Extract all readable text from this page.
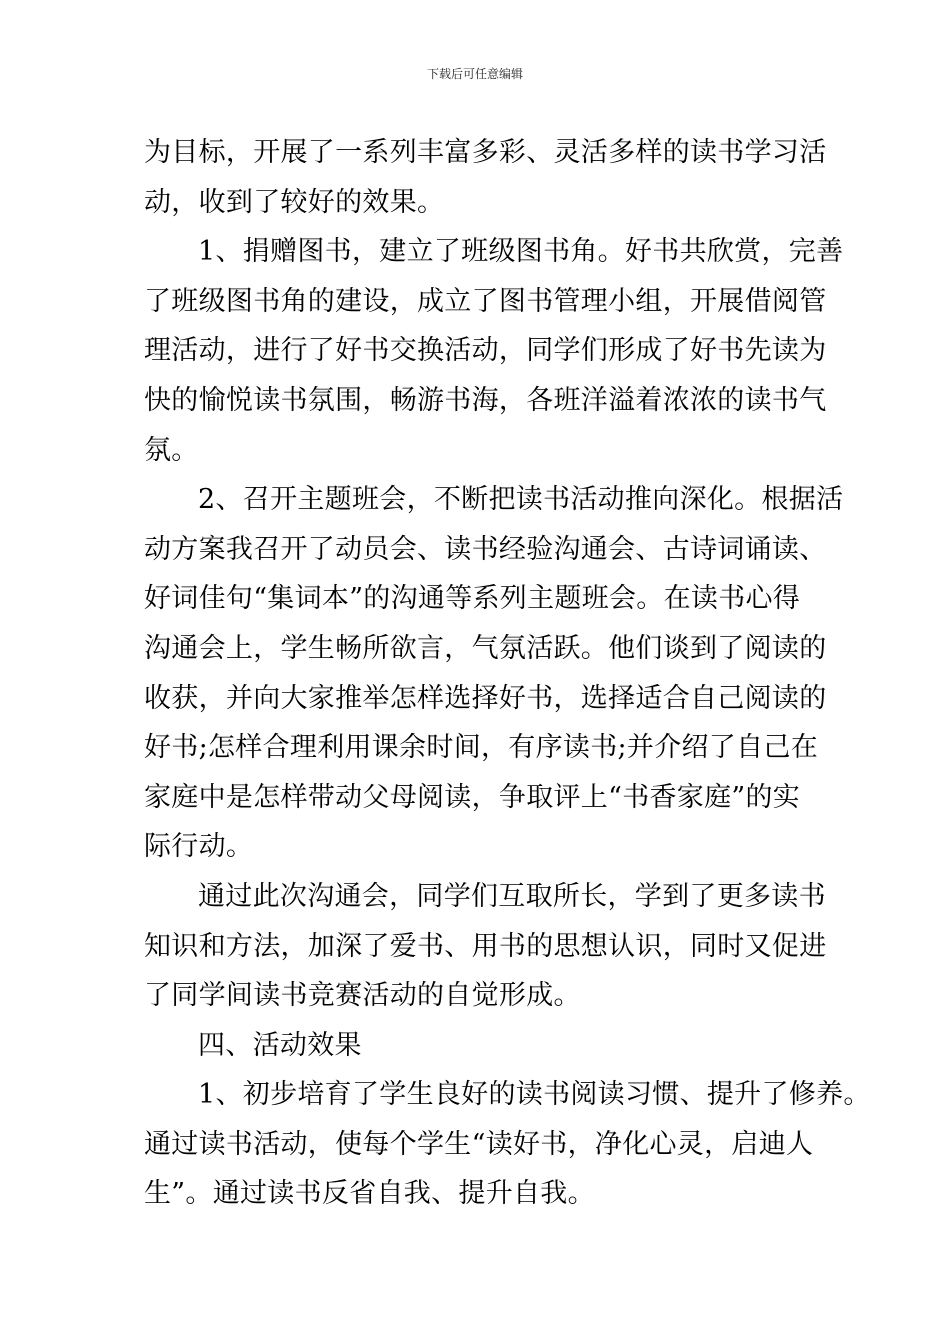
下载后可任意编辑
为目标，开展了一系列丰富多彩、灵活多样的读书学习活
动，收到了较好的效果。
1、捐赠图书，建立了班级图书角。好书共欣赏，完善
了班级图书角的建设，成立了图书管理小组，开展借阅管
理活动，进行了好书交换活动，同学们形成了好书先读为
快的愉悦读书氛围，畅游书海，各班洋溢着浓浓的读书气
氛。
2、召开主题班会，不断把读书活动推向深化。根据活
动方案我召开了动员会、读书经验沟通会、古诗词诵读、
好词佳句“集词本”的沟通等系列主题班会。在读书心得
沟通会上，学生畅所欲言，气氛活跃。他们谈到了阅读的
收获，并向大家推举怎样选择好书，选择适合自己阅读的
好书;怎样合理利用课余时间，有序读书;并介绍了自己在
家庭中是怎样带动父母阅读，争取评上“书香家庭”的实
际行动。
通过此次沟通会，同学们互取所长，学到了更多读书
知识和方法，加深了爱书、用书的思想认识，同时又促进
了同学间读书竞赛活动的自觉形成。
四、活动效果
1、初步培育了学生良好的读书阅读习惯、提升了修养。
通过读书活动，使每个学生“读好书，净化心灵，启迪人
生”。通过读书反省自我、提升自我。
